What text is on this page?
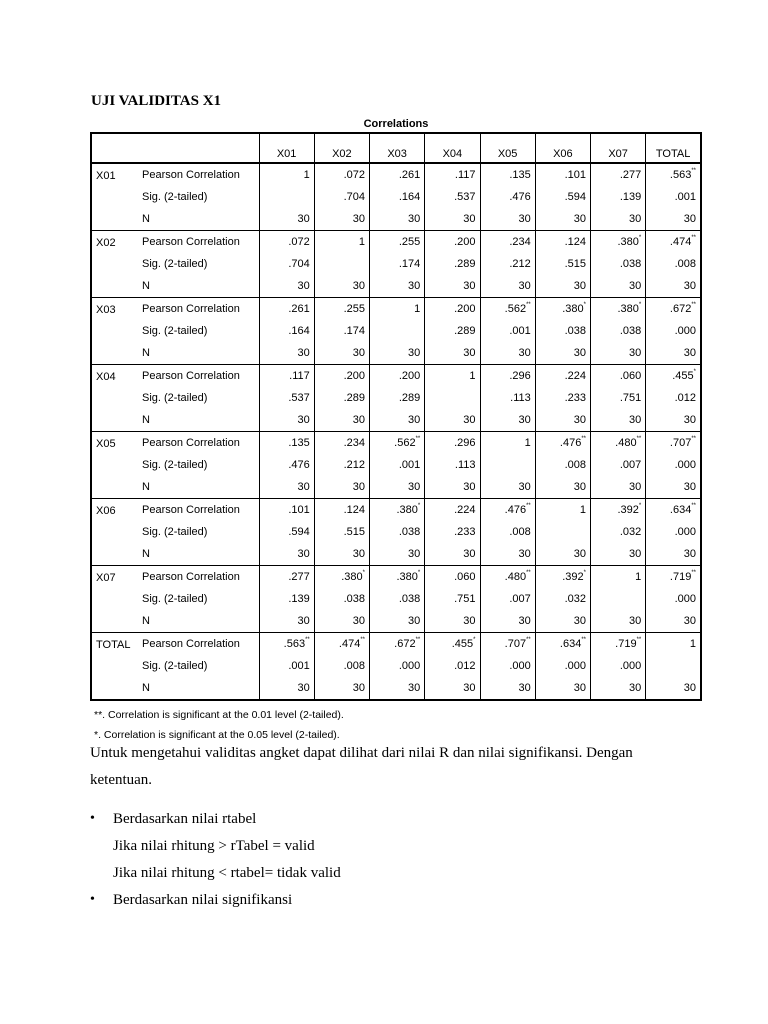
UJI VALIDITAS X1
Correlations
		X01	X02	X03	X04	X05	X06	X07	TOTAL
X01	Pearson Correlation	1	.072	.261	.117	.135	.101	.277	.563**
	Sig. (2-tailed)		.704	.164	.537	.476	.594	.139	.001
	N	30	30	30	30	30	30	30	30
X02	Pearson Correlation	.072	1	.255	.200	.234	.124	.380*	.474**
	Sig. (2-tailed)	.704		.174	.289	.212	.515	.038	.008
	N	30	30	30	30	30	30	30	30
X03	Pearson Correlation	.261	.255	1	.200	.562**	.380*	.380*	.672**
	Sig. (2-tailed)	.164	.174		.289	.001	.038	.038	.000
	N	30	30	30	30	30	30	30	30
X04	Pearson Correlation	.117	.200	.200	1	.296	.224	.060	.455*
	Sig. (2-tailed)	.537	.289	.289		.113	.233	.751	.012
	N	30	30	30	30	30	30	30	30
X05	Pearson Correlation	.135	.234	.562**	.296	1	.476**	.480**	.707**
	Sig. (2-tailed)	.476	.212	.001	.113		.008	.007	.000
	N	30	30	30	30	30	30	30	30
X06	Pearson Correlation	.101	.124	.380*	.224	.476**	1	.392*	.634**
	Sig. (2-tailed)	.594	.515	.038	.233	.008		.032	.000
	N	30	30	30	30	30	30	30	30
X07	Pearson Correlation	.277	.380*	.380*	.060	.480**	.392*	1	.719**
	Sig. (2-tailed)	.139	.038	.038	.751	.007	.032		.000
	N	30	30	30	30	30	30	30	30
TOTAL	Pearson Correlation	.563**	.474**	.672**	.455*	.707**	.634**	.719**	1
	Sig. (2-tailed)	.001	.008	.000	.012	.000	.000	.000	
	N	30	30	30	30	30	30	30	30
**. Correlation is significant at the 0.01 level (2-tailed).
*. Correlation is significant at the 0.05 level (2-tailed).
Untuk mengetahui validitas angket dapat dilihat dari nilai R dan nilai signifikansi. Dengan ketentuan.
• Berdasarkan nilai rtabel
Jika nilai rhitung > rTabel = valid
Jika nilai rhitung < rtabel= tidak valid
• Berdasarkan nilai signifikansi
